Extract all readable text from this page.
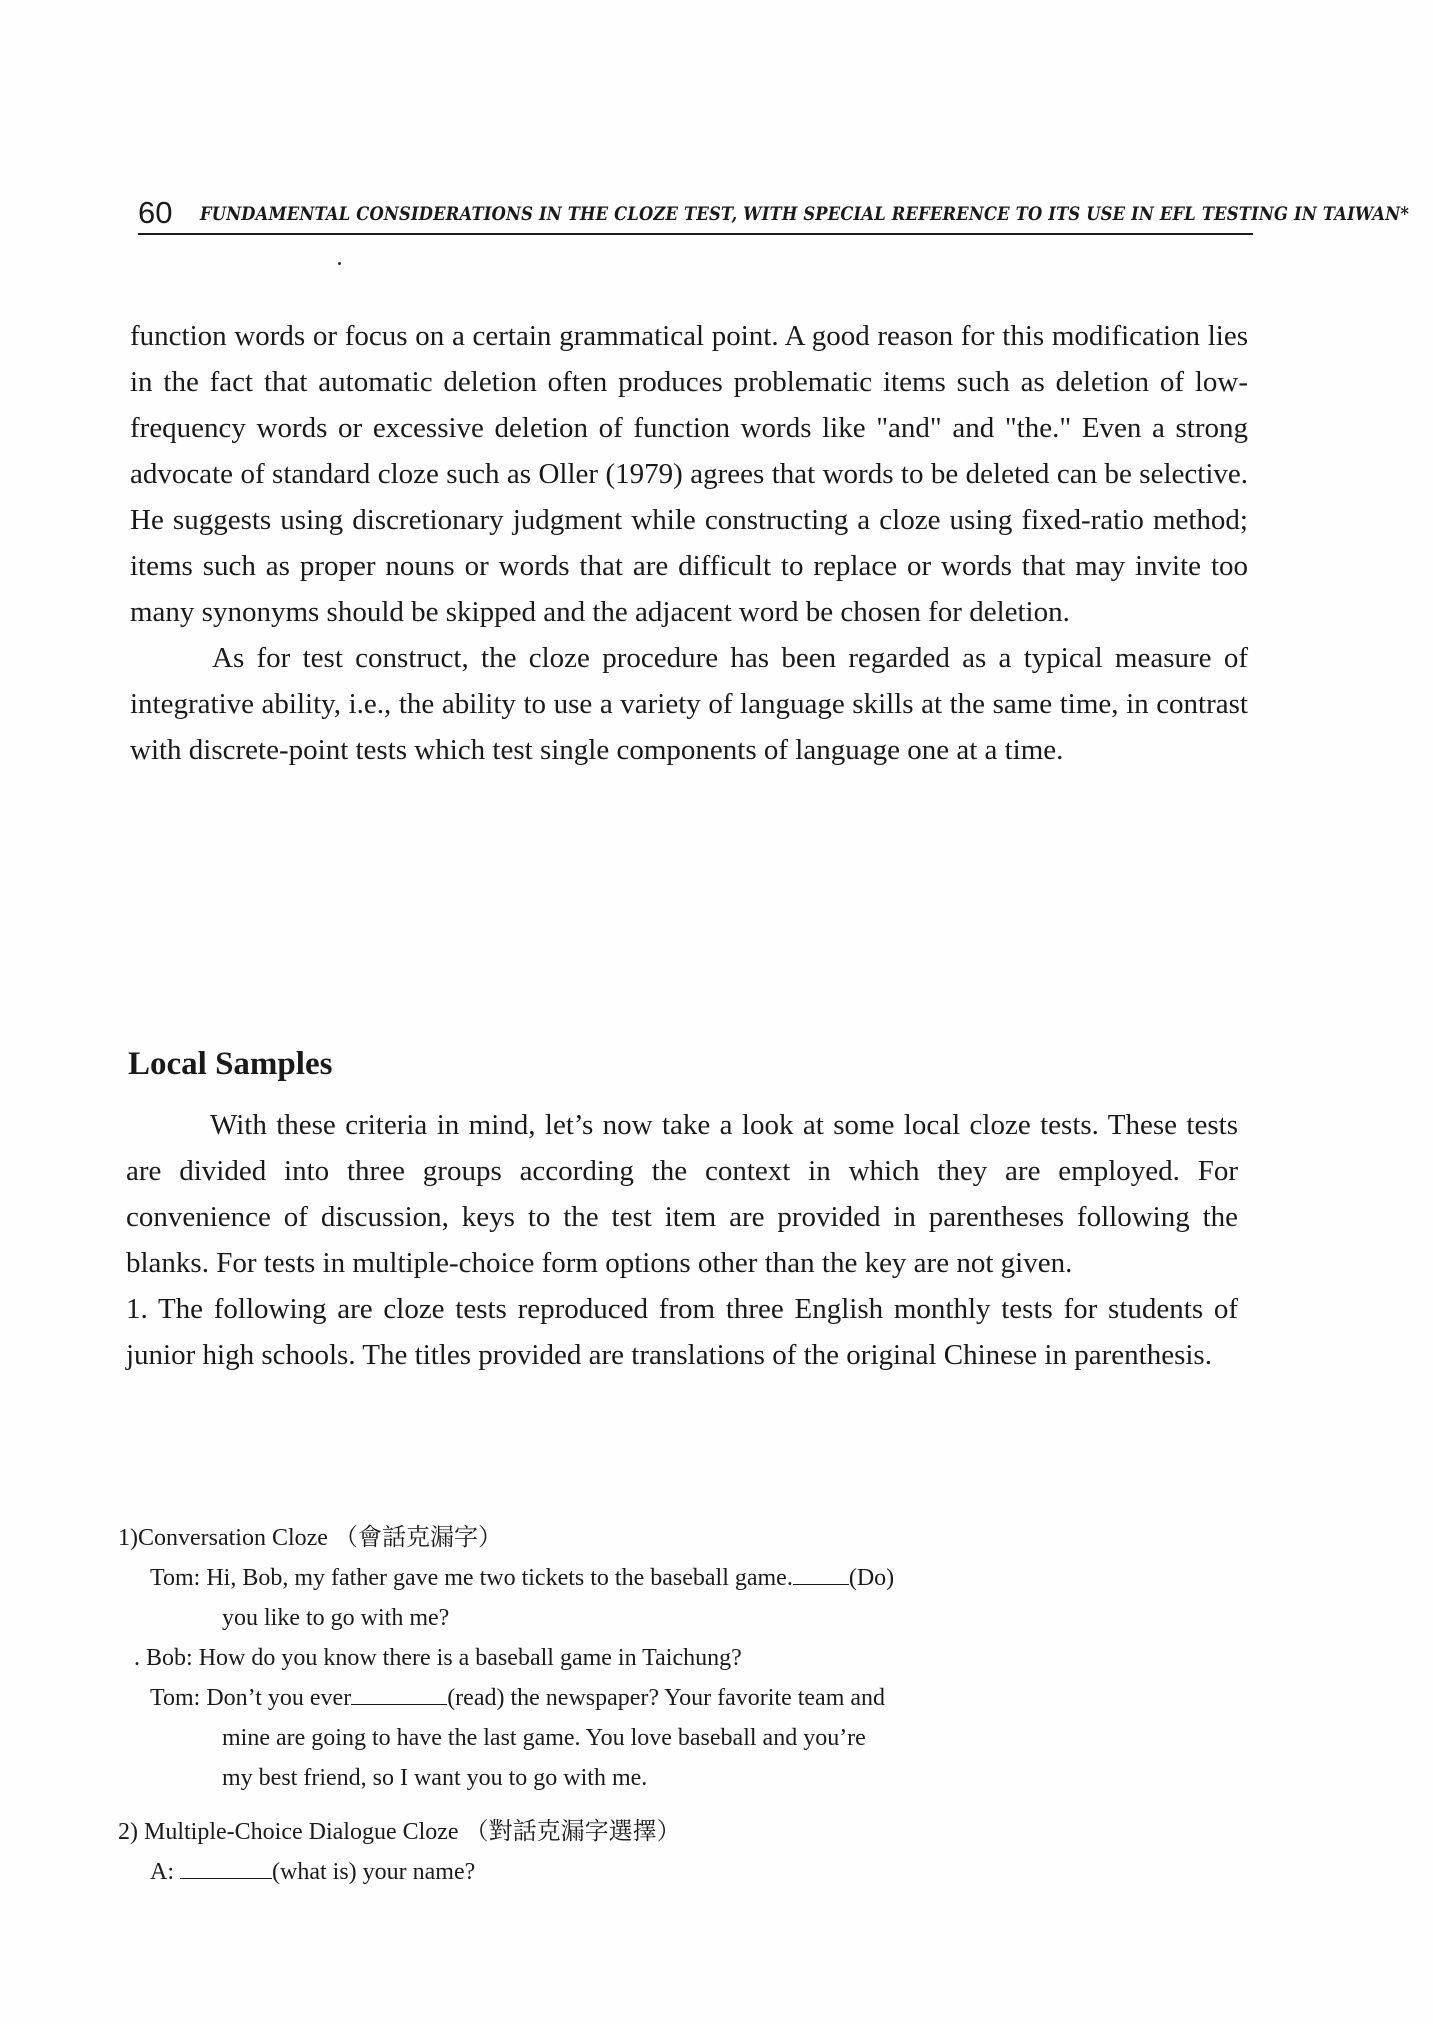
60 FUNDAMENTAL CONSIDERATIONS IN THE CLOZE TEST, WITH SPECIAL REFERENCE TO ITS USE IN EFL TESTING IN TAIWAN*

function words or focus on a certain grammatical point. A good reason for this modification lies in the fact that automatic deletion often produces problematic items such as deletion of low-frequency words or excessive deletion of function words like "and" and "the." Even a strong advocate of standard cloze such as Oller (1979) agrees that words to be deleted can be selective. He suggests using discretionary judgment while constructing a cloze using fixed-ratio method; items such as proper nouns or words that are difficult to replace or words that may invite too many synonyms should be skipped and the adjacent word be chosen for deletion.

As for test construct, the cloze procedure has been regarded as a typical measure of integrative ability, i.e., the ability to use a variety of language skills at the same time, in contrast with discrete-point tests which test single components of language one at a time.

Local Samples

With these criteria in mind, let’s now take a look at some local cloze tests. These tests are divided into three groups according the context in which they are employed. For convenience of discussion, keys to the test item are provided in parentheses following the blanks. For tests in multiple-choice form options other than the key are not given.

1. The following are cloze tests reproduced from three English monthly tests for students of junior high schools. The titles provided are translations of the original Chinese in parenthesis.

1)Conversation Cloze （會話克漏字）

Tom: Hi, Bob, my father gave me two tickets to the baseball game. (Do)

you like to go with me?

. Bob: How do you know there is a baseball game in Taichung?

Tom: Don’t you ever	(read) the newspaper? Your favorite team and

mine are going to have the last game. You love baseball and you’re

my best friend, so I want you to go with me.

2) Multiple-Choice Dialogue Cloze （對話克漏字選擇）

A:	(what is) your name?
